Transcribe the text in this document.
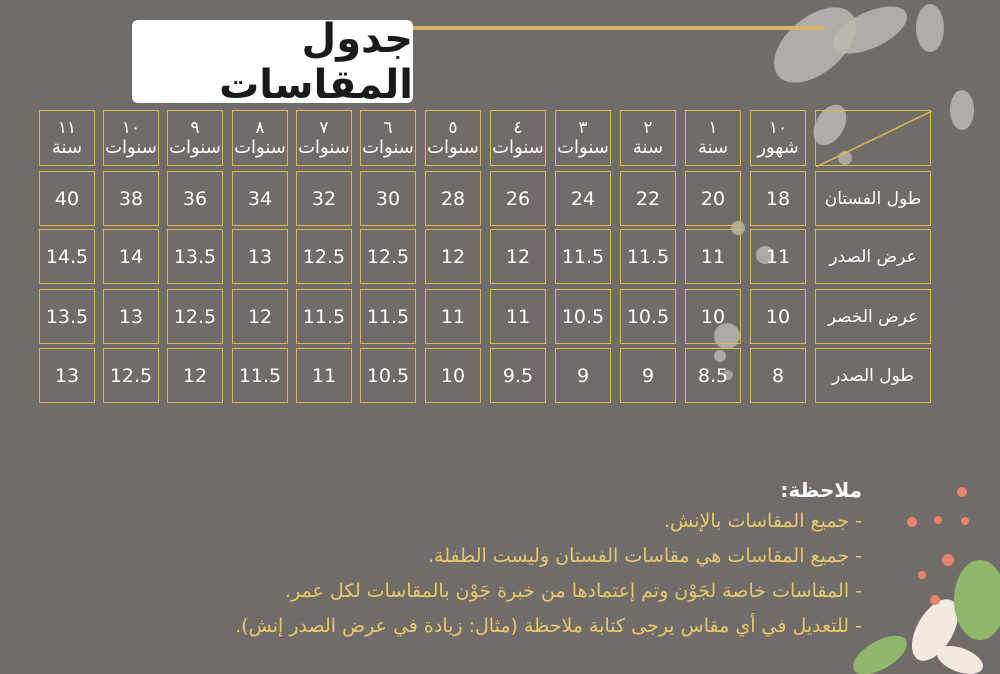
جدول المقاسات
١٠
شهور
١
سنة
٢
سنة
٣
سنوات
٤
سنوات
٥
سنوات
٦
سنوات
٧
سنوات
٨
سنوات
٩
سنوات
١٠
سنوات
١١
سنة
طول الفستان
18
20
22
24
26
28
30
32
34
36
38
40
عرض الصدر
11
11
11.5
11.5
12
12
12.5
12.5
13
13.5
14
14.5
عرض الخصر
10
10
10.5
10.5
11
11
11.5
11.5
12
12.5
13
13.5
طول الصدر
8
8.5
9
9
9.5
10
10.5
11
11.5
12
12.5
13
ملاحظة:
- جميع المقاسات بالإنش.
- جميع المقاسات هي مقاسات الفستان وليست الطفلة.
- المقاسات خاصة لجَوْن وتم إعتمادها من خبرة جَوْن بالمقاسات لكل عمر.
- للتعديل في أي مقاس يرجى كتابة ملاحظة (مثال: زيادة في عرض الصدر إنش).
